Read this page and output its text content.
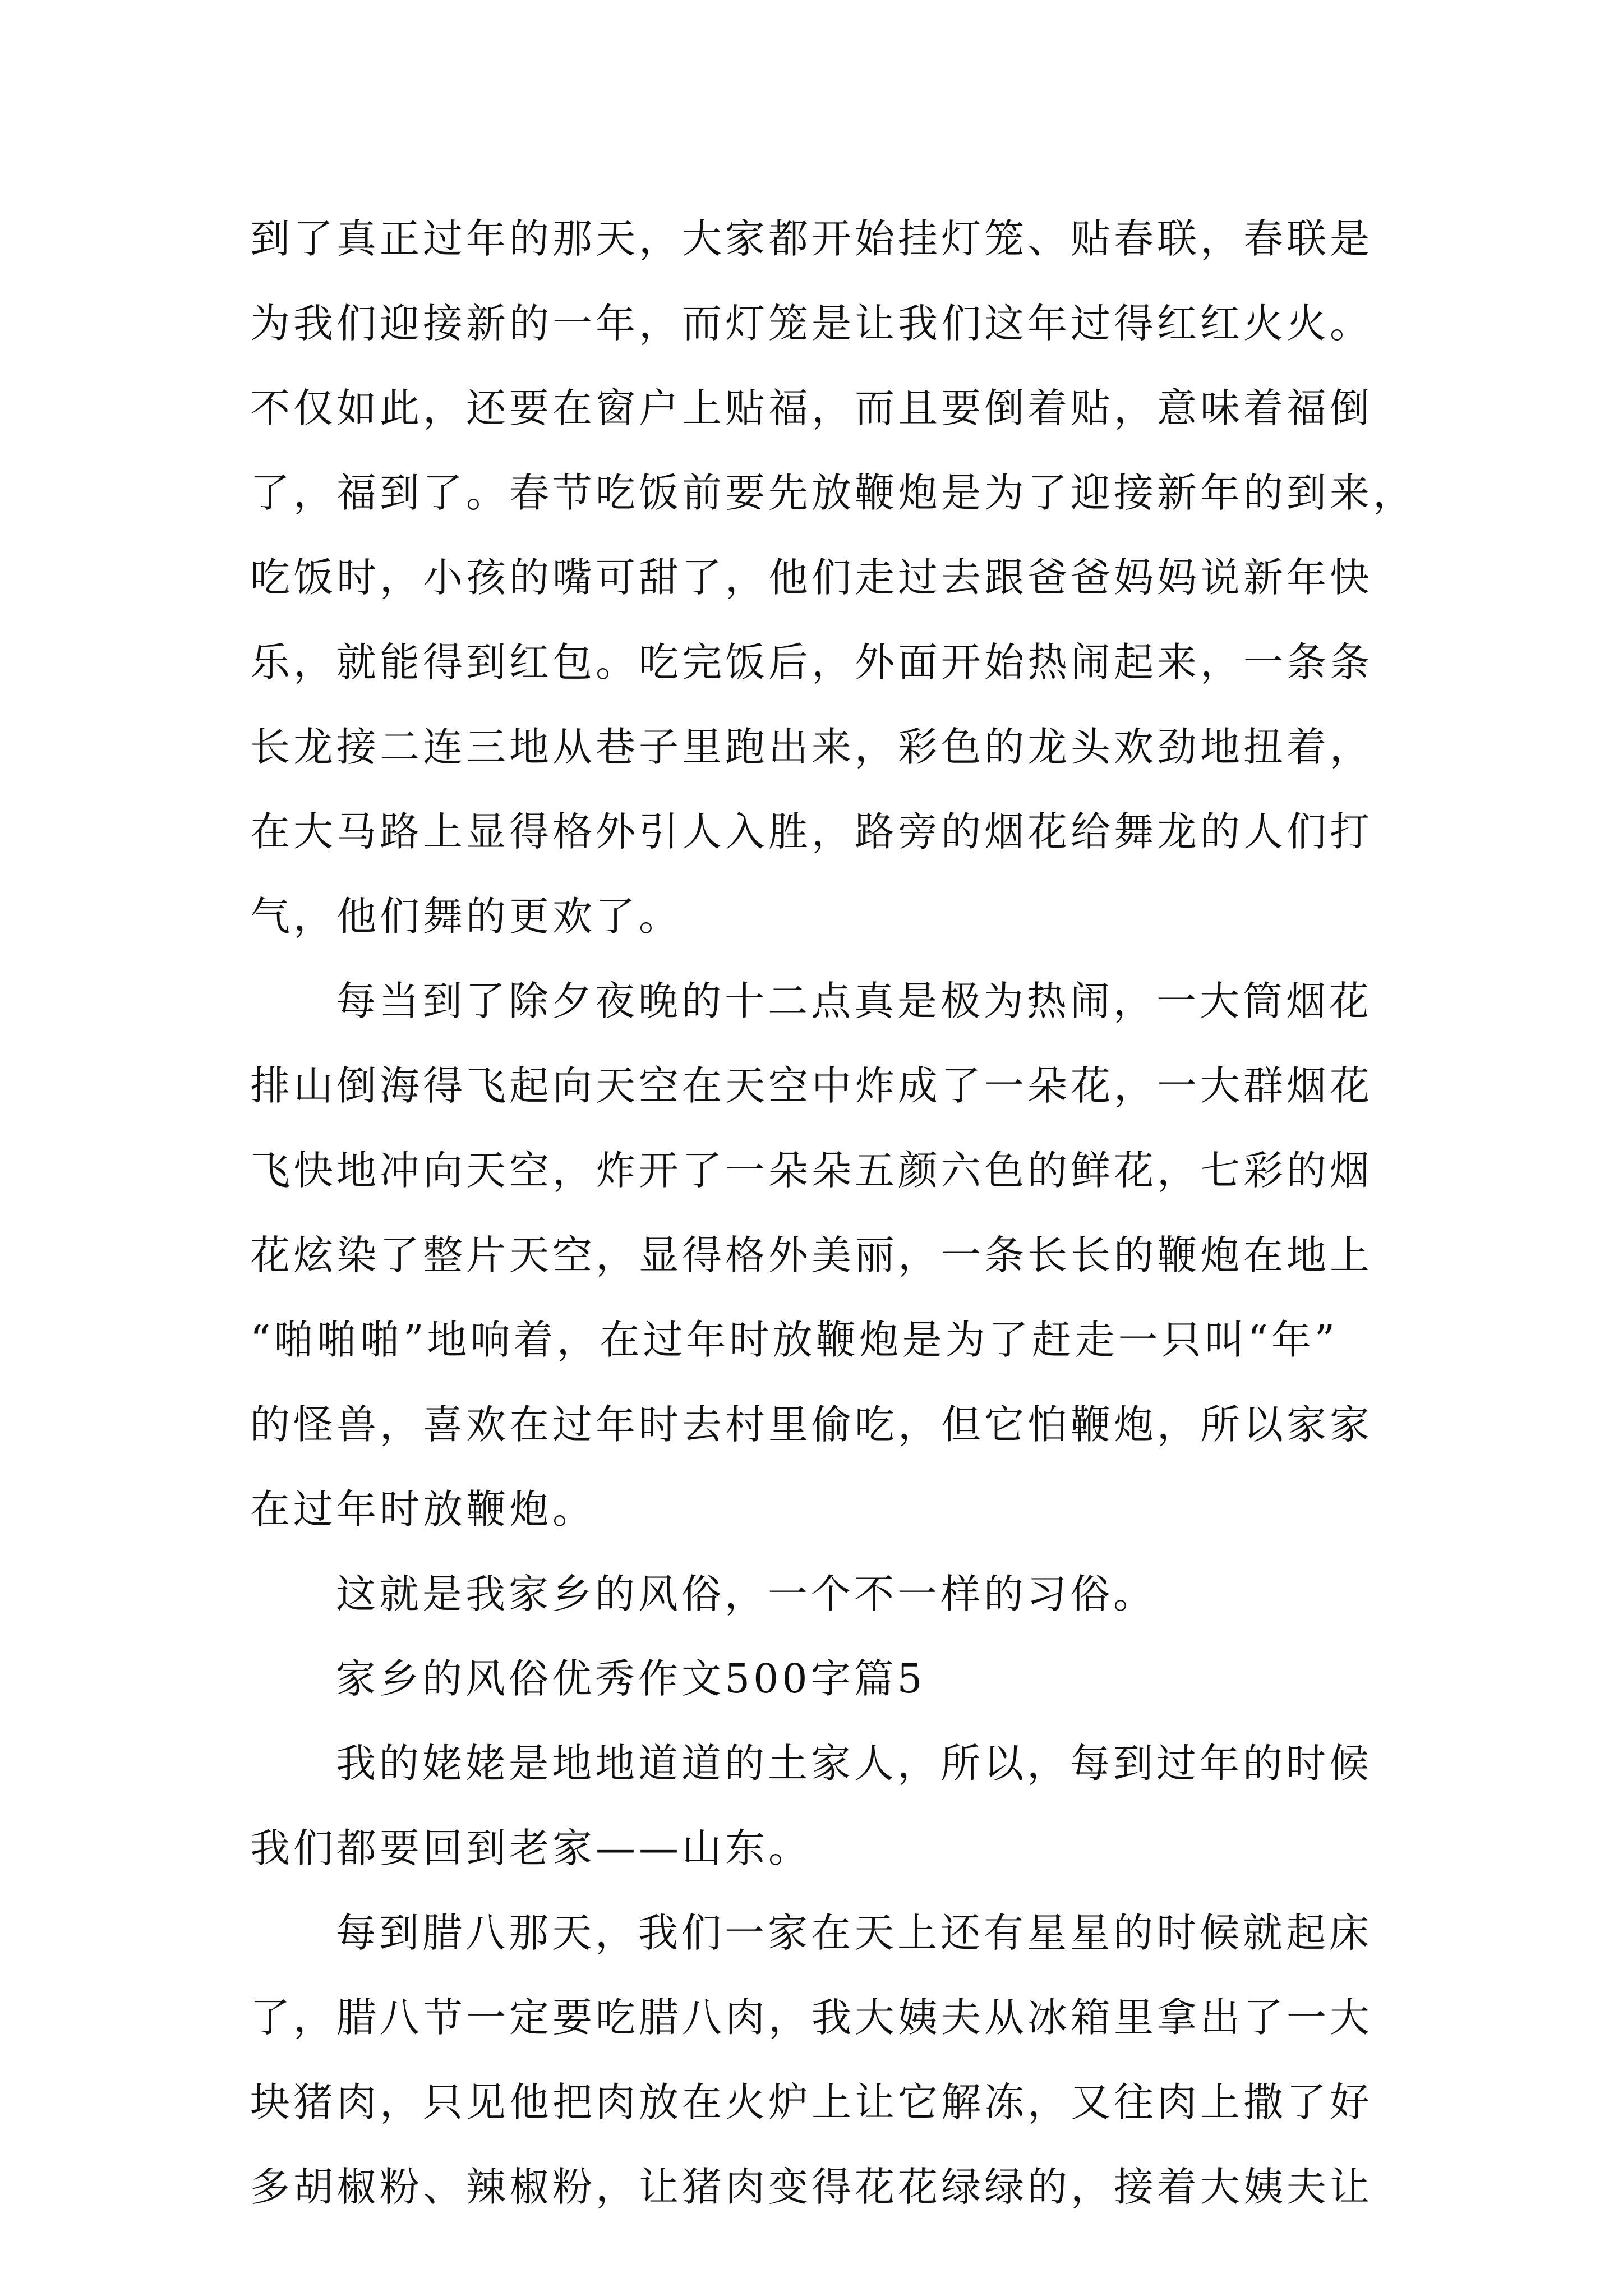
到了真正过年的那天，大家都开始挂灯笼、贴春联，春联是
为我们迎接新的一年，而灯笼是让我们这年过得红红火火。
不仅如此，还要在窗户上贴福，而且要倒着贴，意味着福倒
了，福到了。春节吃饭前要先放鞭炮是为了迎接新年的到来，
吃饭时，小孩的嘴可甜了，他们走过去跟爸爸妈妈说新年快
乐，就能得到红包。吃完饭后，外面开始热闹起来，一条条
长龙接二连三地从巷子里跑出来，彩色的龙头欢劲地扭着，
在大马路上显得格外引人入胜，路旁的烟花给舞龙的人们打
气，他们舞的更欢了。

每当到了除夕夜晚的十二点真是极为热闹，一大筒烟花
排山倒海得飞起向天空在天空中炸成了一朵花，一大群烟花
飞快地冲向天空，炸开了一朵朵五颜六色的鲜花，七彩的烟
花炫染了整片天空，显得格外美丽，一条长长的鞭炮在地上
“啪啪啪”地响着，在过年时放鞭炮是为了赶走一只叫“年”
的怪兽，喜欢在过年时去村里偷吃，但它怕鞭炮，所以家家
在过年时放鞭炮。

这就是我家乡的风俗，一个不一样的习俗。

家乡的风俗优秀作文500字篇5

我的姥姥是地地道道的土家人，所以，每到过年的时候
我们都要回到老家——山东。

每到腊八那天，我们一家在天上还有星星的时候就起床
了，腊八节一定要吃腊八肉，我大姨夫从冰箱里拿出了一大
块猪肉，只见他把肉放在火炉上让它解冻，又往肉上撒了好
多胡椒粉、辣椒粉，让猪肉变得花花绿绿的，接着大姨夫让
